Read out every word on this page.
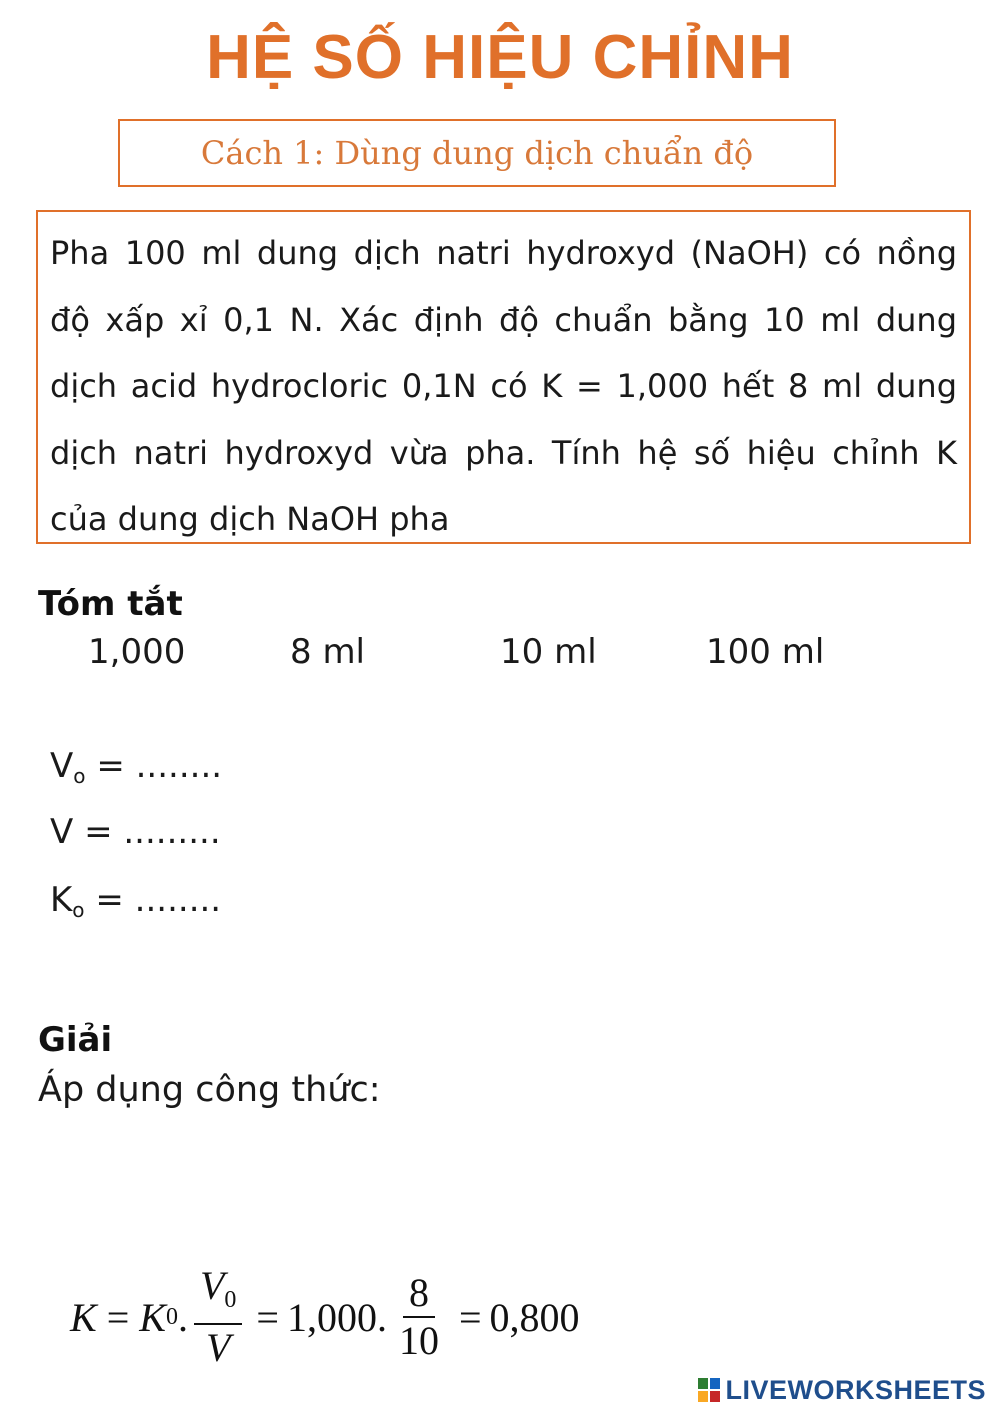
HỆ SỐ HIỆU CHỈNH
Cách 1: Dùng dung dịch chuẩn độ

Pha 100 ml dung dịch natri hydroxyd (NaOH) có nồng độ xấp xỉ 0,1 N. Xác định độ chuẩn bằng 10 ml dung dịch acid hydrocloric 0,1N có K = 1,000 hết 8 ml dung dịch natri hydroxyd vừa pha. Tính hệ số hiệu chỉnh K của dung dịch NaOH pha

Tóm tắt
1,000	8 ml	10 ml	100 ml
$V_o$ = ........
V = .........
$K_o$ = ........
Giải
Áp dụng công thức:
K = K 0 . $\frac{V_0}{V} = 1,000$. $\frac{8}{10} = 0,800$
LIVEWORKSHEETS
